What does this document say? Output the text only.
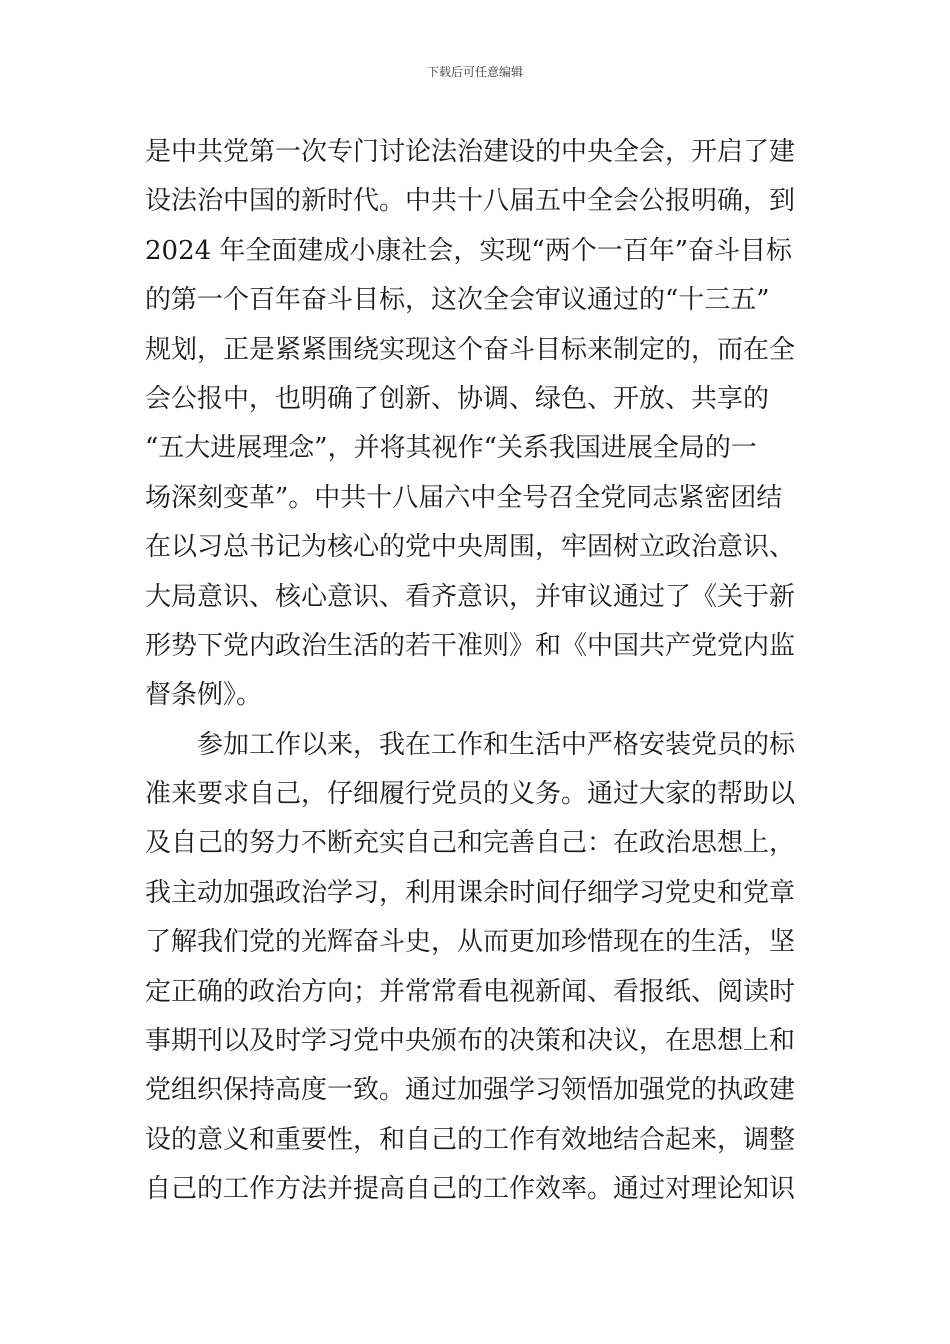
下载后可任意编辑
是中共党第一次专门讨论法治建设的中央全会，开启了建
设法治中国的新时代。中共十八届五中全会公报明确，到
2024 年全面建成小康社会，实现“两个一百年”奋斗目标
的第一个百年奋斗目标，这次全会审议通过的“十三五”
规划，正是紧紧围绕实现这个奋斗目标来制定的，而在全
会公报中，也明确了创新、协调、绿色、开放、共享的
“五大进展理念”，并将其视作“关系我国进展全局的一
场深刻变革”。中共十八届六中全号召全党同志紧密团结
在以习总书记为核心的党中央周围，牢固树立政治意识、
大局意识、核心意识、看齐意识，并审议通过了《关于新
形势下党内政治生活的若干准则》和《中国共产党党内监
督条例》。
　　参加工作以来，我在工作和生活中严格安装党员的标
准来要求自己，仔细履行党员的义务。通过大家的帮助以
及自己的努力不断充实自己和完善自己：在政治思想上，
我主动加强政治学习，利用课余时间仔细学习党史和党章
了解我们党的光辉奋斗史，从而更加珍惜现在的生活，坚
定正确的政治方向；并常常看电视新闻、看报纸、阅读时
事期刊以及时学习党中央颁布的决策和决议，在思想上和
党组织保持高度一致。通过加强学习领悟加强党的执政建
设的意义和重要性，和自己的工作有效地结合起来，调整
自己的工作方法并提高自己的工作效率。通过对理论知识
